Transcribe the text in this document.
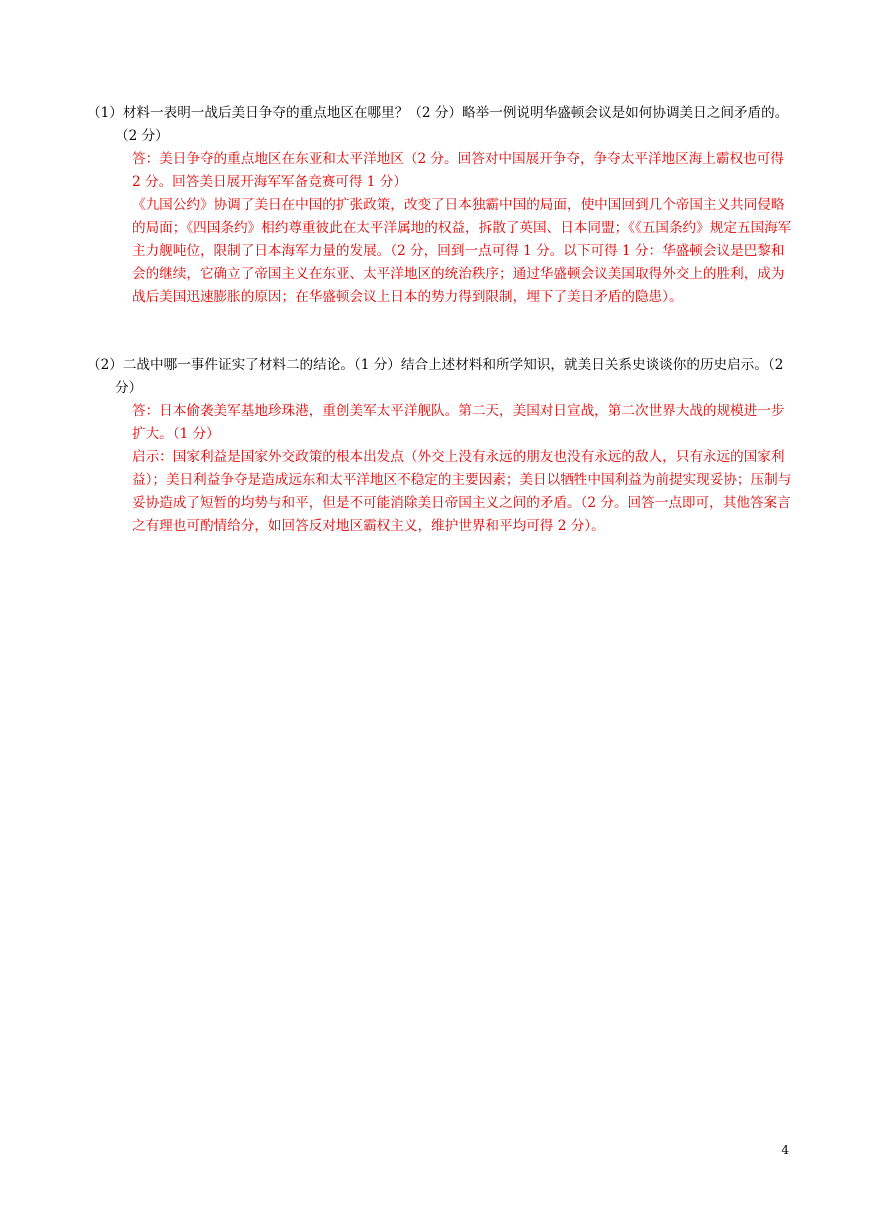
（1）材料一表明一战后美日争夺的重点地区在哪里？（2 分）略举一例说明华盛顿会议是如何协调美日之间矛盾的。（2 分）
答：美日争夺的重点地区在东亚和太平洋地区（2 分。回答对中国展开争夺，争夺太平洋地区海上霸权也可得 2 分。回答美日展开海军军备竞赛可得 1 分）
《九国公约》协调了美日在中国的扩张政策，改变了日本独霸中国的局面，使中国回到几个帝国主义共同侵略的局面；《四国条约》相约尊重彼此在太平洋属地的权益，拆散了英国、日本同盟；《《五国条约》规定五国海军主力舰吨位，限制了日本海军力量的发展。（2 分，回到一点可得 1 分。以下可得 1 分：华盛顿会议是巴黎和会的继续，它确立了帝国主义在东亚、太平洋地区的统治秩序；通过华盛顿会议美国取得外交上的胜利，成为战后美国迅速膨胀的原因；在华盛顿会议上日本的势力得到限制，埋下了美日矛盾的隐患）。
（2）二战中哪一事件证实了材料二的结论。（1 分）结合上述材料和所学知识，就美日关系史谈谈你的历史启示。（2 分）
答：日本偷袭美军基地珍珠港，重创美军太平洋舰队。第二天，美国对日宣战，第二次世界大战的规模进一步扩大。（1 分）
启示：国家利益是国家外交政策的根本出发点（外交上没有永远的朋友也没有永远的敌人，只有永远的国家利益）；美日利益争夺是造成远东和太平洋地区不稳定的主要因素；美日以牺牲中国利益为前提实现妥协；压制与妥协造成了短暂的均势与和平，但是不可能消除美日帝国主义之间的矛盾。（2 分。回答一点即可，其他答案言之有理也可酌情给分，如回答反对地区霸权主义，维护世界和平均可得 2 分）。
4
